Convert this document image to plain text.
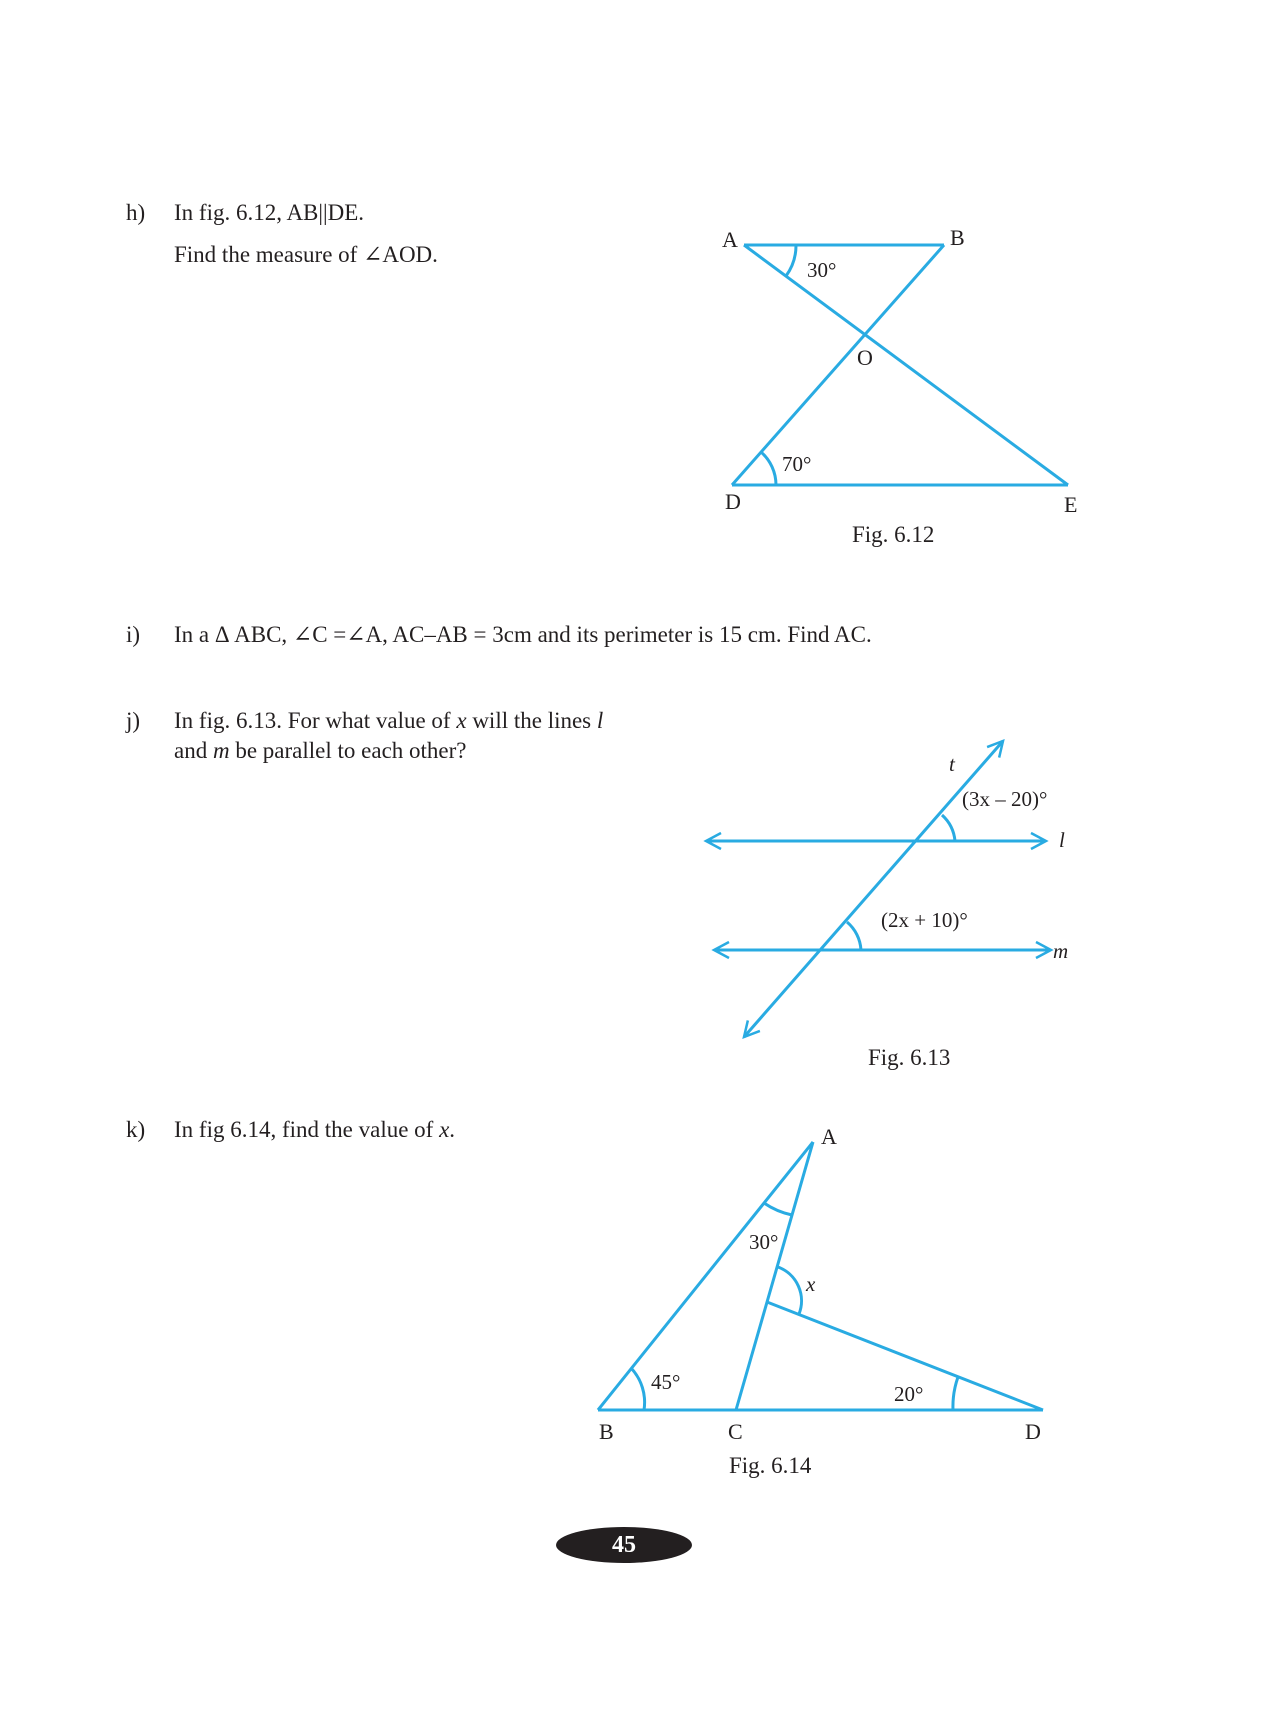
h) In fig. 6.12, AB||DE.
Find the measure of ∠AOD.
i) In a Δ ABC, ∠C =∠A, AC–AB = 3cm and its perimeter is 15 cm. Find AC.
j) In fig. 6.13. For what value of x will the lines l
and m be parallel to each other?
k) In fig 6.14, find the value of x.
A	B
O
D	E
30°
70°
Fig. 6.12
t
(3x – 20)°
l
(2x + 10)°
m
Fig. 6.13
A
30°
x
45°	20°
B	C	D
Fig. 6.14
45
